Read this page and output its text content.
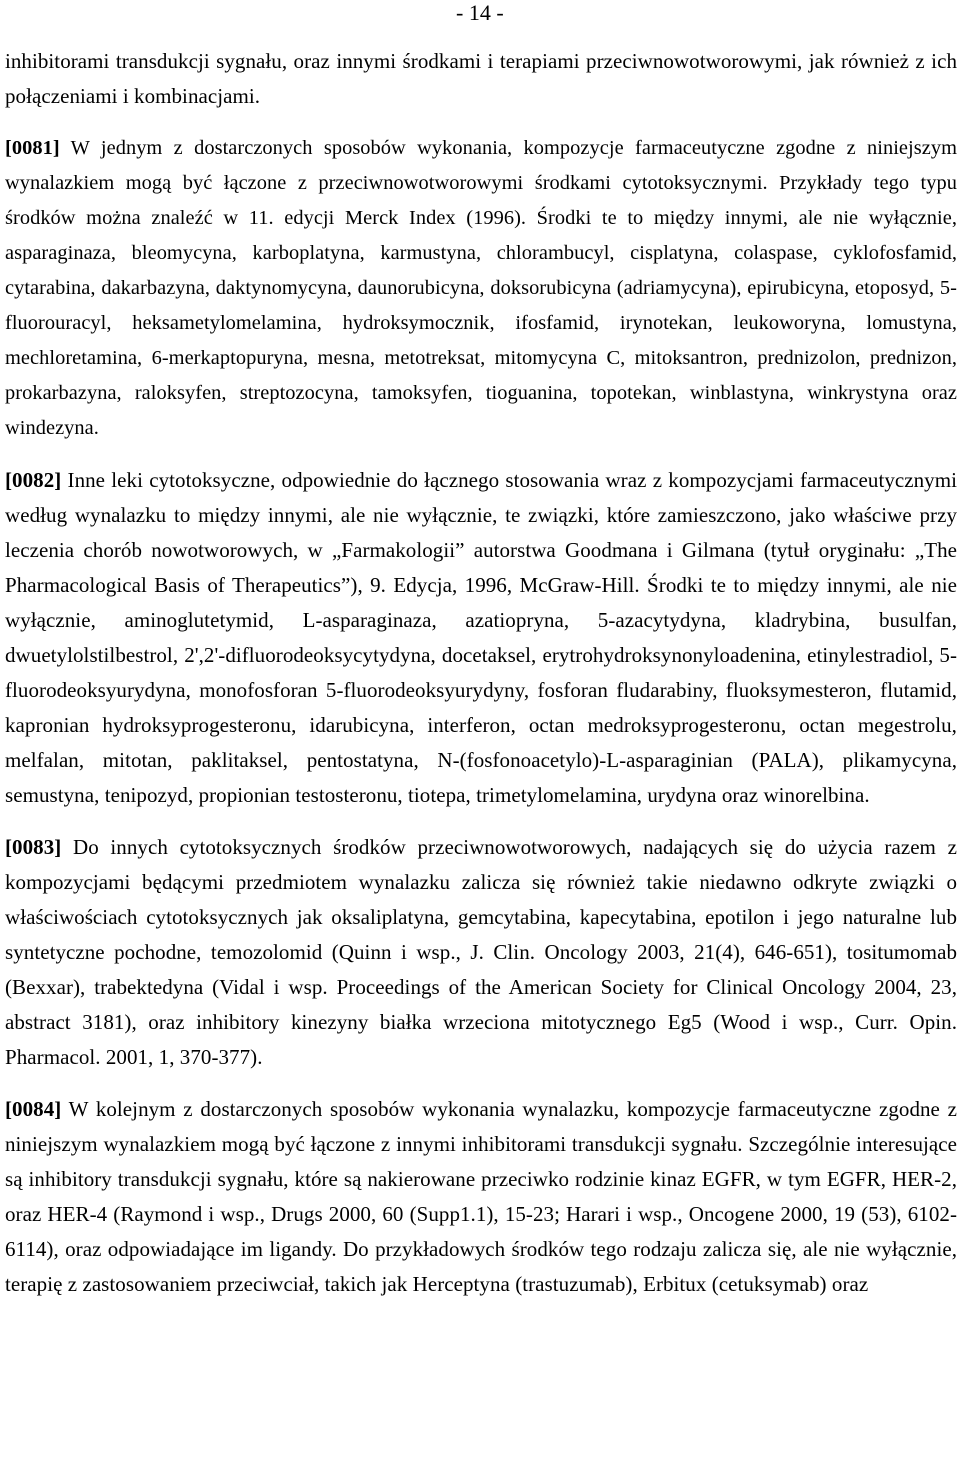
- 14 -

inhibitorami transdukcji sygnału, oraz innymi środkami i terapiami przeciwnowotworowymi, jak również z ich połączeniami i kombinacjami.

[0081] W jednym z dostarczonych sposobów wykonania, kompozycje farmaceutyczne zgodne z niniejszym wynalazkiem mogą być łączone z przeciwnowotworowymi środkami cytotoksycznymi. Przykłady tego typu środków można znaleźć w 11. edycji Merck Index (1996). Środki te to między innymi, ale nie wyłącznie, asparaginaza, bleomycyna, karboplatyna, karmustyna, chlorambucyl, cisplatyna, colaspase, cyklofosfamid, cytarabina, dakarbazyna, daktynomycyna, daunorubicyna, doksorubicyna (adriamycyna), epirubicyna, etoposyd, 5-fluorouracyl, heksametylomelamina, hydroksymocznik, ifosfamid, irynotekan, leukoworyna, lomustyna, mechloretamina, 6-merkaptopuryna, mesna, metotreksat, mitomycyna C, mitoksantron, prednizolon, prednizon, prokarbazyna, raloksyfen, streptozocyna, tamoksyfen, tioguanina, topotekan, winblastyna, winkrystyna oraz windezyna.

[0082] Inne leki cytotoksyczne, odpowiednie do łącznego stosowania wraz z kompozycjami farmaceutycznymi według wynalazku to między innymi, ale nie wyłącznie, te związki, które zamieszczono, jako właściwe przy leczenia chorób nowotworowych, w „Farmakologii” autorstwa Goodmana i Gilmana (tytuł oryginału: „The Pharmacological Basis of Therapeutics”), 9. Edycja, 1996, McGraw-Hill. Środki te to między innymi, ale nie wyłącznie, aminoglutetymid, L-asparaginaza, azatiopryna, 5-azacytydyna, kladrybina, busulfan, dwuetylolstilbestrol, 2',2'-difluorodeoksycytydyna, docetaksel, erytrohydroksynonyloadenina, etinylestradiol, 5-fluorodeoksyurydyna, monofosforan 5-fluorodeoksyurydyny, fosforan fludarabiny, fluoksymesteron, flutamid, kapronian hydroksyprogesteronu, idarubicyna, interferon, octan medroksyprogesteronu, octan megestrolu, melfalan, mitotan, paklitaksel, pentostatyna, N-(fosfonoacetylo)-L-asparaginian (PALA), plikamycyna, semustyna, tenipozyd, propionian testosteronu, tiotepa, trimetylomelamina, urydyna oraz winorelbina.

[0083] Do innych cytotoksycznych środków przeciwnowotworowych, nadających się do użycia razem z kompozycjami będącymi przedmiotem wynalazku zalicza się również takie niedawno odkryte związki o właściwościach cytotoksycznych jak oksaliplatyna, gemcytabina, kapecytabina, epotilon i jego naturalne lub syntetyczne pochodne, temozolomid (Quinn i wsp., J. Clin. Oncology 2003, 21(4), 646-651), tositumomab (Bexxar), trabektedyna (Vidal i wsp. Proceedings of the American Society for Clinical Oncology 2004, 23, abstract 3181), oraz inhibitory kinezyny białka wrzeciona mitotycznego Eg5 (Wood i wsp., Curr. Opin. Pharmacol. 2001, 1, 370-377).

[0084] W kolejnym z dostarczonych sposobów wykonania wynalazku, kompozycje farmaceutyczne zgodne z niniejszym wynalazkiem mogą być łączone z innymi inhibitorami transdukcji sygnału. Szczególnie interesujące są inhibitory transdukcji sygnału, które są nakierowane przeciwko rodzinie kinaz EGFR, w tym EGFR, HER-2, oraz HER-4 (Raymond i wsp., Drugs 2000, 60 (Supp1.1), 15-23; Harari i wsp., Oncogene 2000, 19 (53), 6102-6114), oraz odpowiadające im ligandy. Do przykładowych środków tego rodzaju zalicza się, ale nie wyłącznie, terapię z zastosowaniem przeciwciał, takich jak Herceptyna (trastuzumab), Erbitux (cetuksymab) oraz
